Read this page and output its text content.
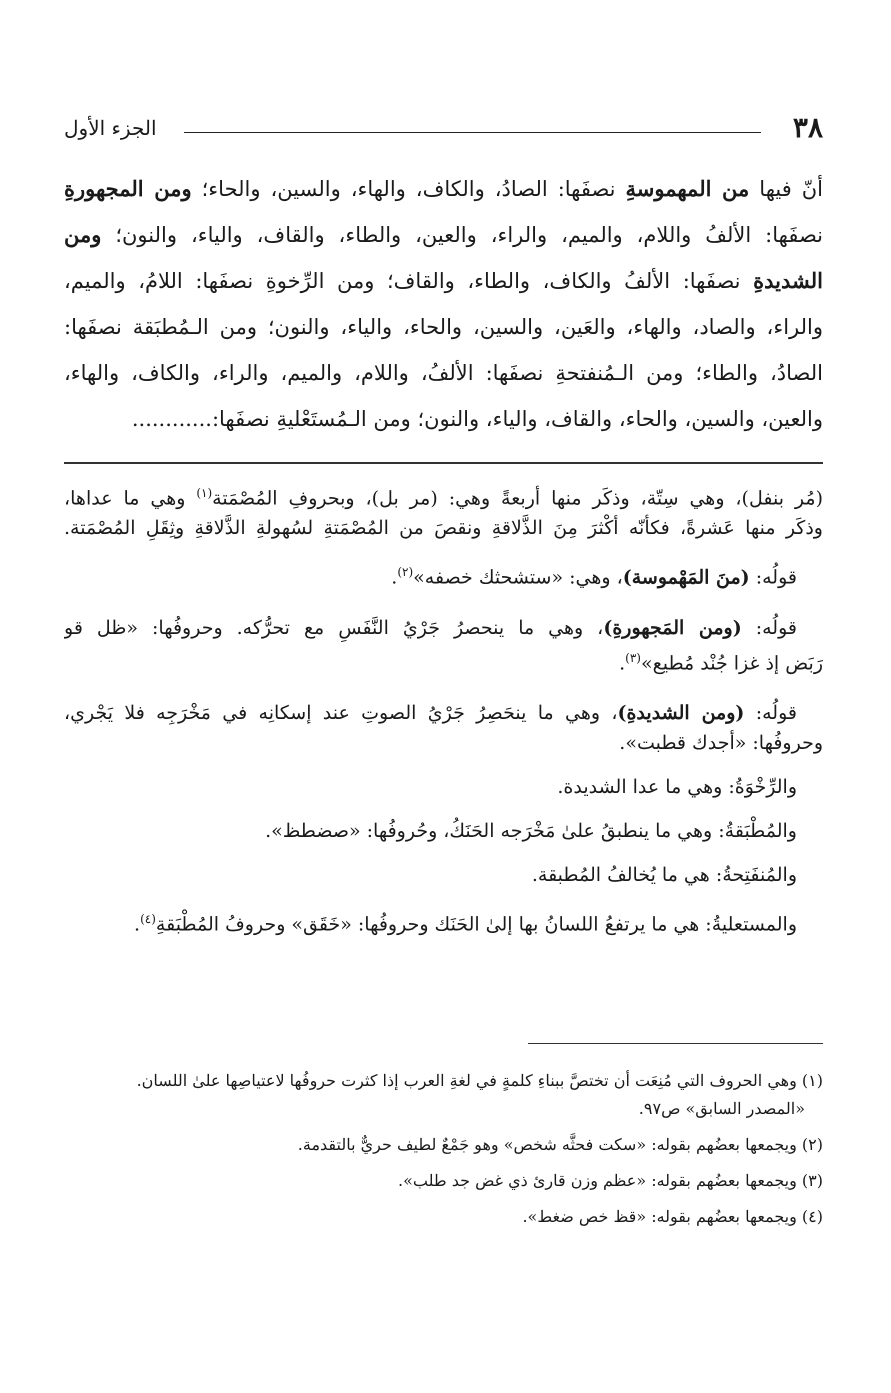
٣٨
الجزء الأول
أنّ فيها من المهموسةِ نصفَها: الصادُ، والكاف، والهاء، والسين، والحاء؛ ومن المجهورةِ
نصفَها: الألفُ واللام، والميم، والراء، والعين، والطاء، والقاف، والياء، والنون؛ ومن
الشديدةِ نصفَها: الألفُ والكاف، والطاء، والقاف؛ ومن الرِّخوةِ نصفَها: اللامُ، والميم،
والراء، والصاد، والهاء، والعَين، والسين، والحاء، والياء، والنون؛ ومن الـمُطبَقة نصفَها:
الصادُ، والطاء؛ ومن الـمُنفتحةِ نصفَها: الألفُ، واللام، والميم، والراء، والكاف، والهاء،
والعين، والسين، والحاء، والقاف، والياء، والنون؛ ومن الـمُستَعْليةِ نصفَها:............
(مُر بنفل)، وهي سِتّة، وذكَر منها أربعةً وهي: (مر بل)، وبحروفِ المُصْمَتة$^{(١)}$ وهي ما عداها،
وذكَر منها عَشرةً، فكأنّه أكْثرَ مِنَ الذَّلاقةِ ونقصَ من المُصْمَتةِ لسُهولةِ الذَّلاقةِ وثِقَلِ المُصْمَتة.
قولُه: (منَ المَهْموسة)، وهي: «ستشحثك خصفه»$^{(٢)}$.
قولُه: (ومن المَجهورةِ)، وهي ما ينحصرُ جَرْيُ النَّفَسِ مع تحرُّكه. وحروفُها: «ظل قو
رَبَض إذ غزا جُنْد مُطيع»$^{(٣)}$.
قولُه: (ومن الشديدةِ)، وهي ما ينحَصِرُ جَرْيُ الصوتِ عند إسكانِه في مَخْرَجِه فلا يَجْري،
وحروفُها: «أجدك قطبت».
والرِّخْوَةُ: وهي ما عدا الشديدة.
والمُطْبَقةُ: وهي ما ينطبقُ علىٰ مَخْرَجه الحَنَكُ، وحُروفُها: «صضطظ».
والمُنفَتِحةُ: هي ما يُخالفُ المُطبقة.
والمستعليةُ: هي ما يرتفعُ اللسانُ بها إلىٰ الحَنَك وحروفُها: «خَقَق» وحروفُ المُطْبَقةِ$^{(٤)}$.
(١) وهي الحروف التي مُنِعَت أن تختصَّ ببناءِ كلمةٍ في لغةِ العرب إذا كثرت حروفُها لاعتياصِها علىٰ اللسان.
«المصدر السابق» ص٩٧.
(٢) ويجمعها بعضُهم بقوله: «سكت فحثَّه شخص» وهو جَمْعٌ لطيف حريٌّ بالتقدمة.
(٣) ويجمعها بعضُهم بقوله: «عظم وزن قارئ ذي غض جد طلب».
(٤) ويجمعها بعضُهم بقوله: «قظ خص ضغط».
